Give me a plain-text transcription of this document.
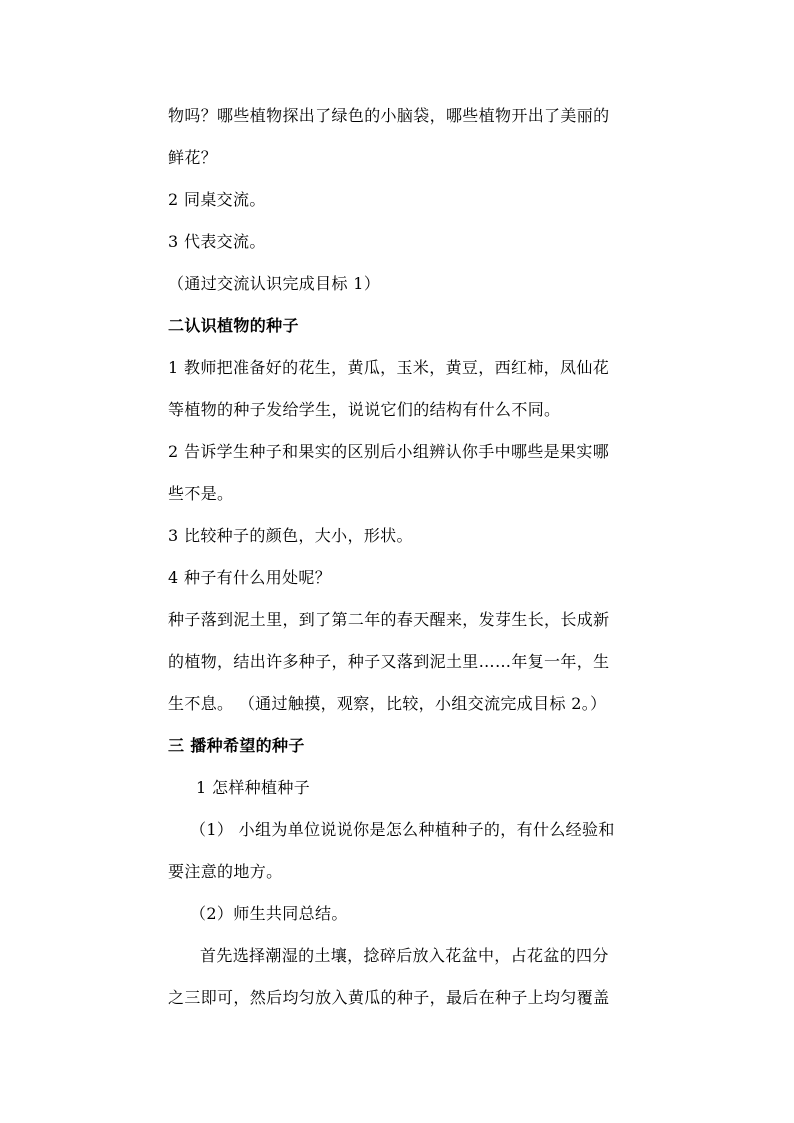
物吗？哪些植物探出了绿色的小脑袋，哪些植物开出了美丽的
鲜花？
2 同桌交流。
3 代表交流。
（通过交流认识完成目标 1）
二认识植物的种子
1 教师把准备好的花生，黄瓜，玉米，黄豆，西红柿，凤仙花
等植物的种子发给学生，说说它们的结构有什么不同。
2 告诉学生种子和果实的区别后小组辨认你手中哪些是果实哪
些不是。
3 比较种子的颜色，大小，形状。
4 种子有什么用处呢？
种子落到泥土里，到了第二年的春天醒来，发芽生长，长成新
的植物，结出许多种子，种子又落到泥土里……年复一年，生
生不息。 （通过触摸，观察，比较，小组交流完成目标 2。）
三 播种希望的种子
1 怎样种植种子
（1） 小组为单位说说你是怎么种植种子的，有什么经验和
要注意的地方。
（2）师生共同总结。
首先选择潮湿的土壤，捻碎后放入花盆中，占花盆的四分
之三即可，然后均匀放入黄瓜的种子，最后在种子上均匀覆盖
